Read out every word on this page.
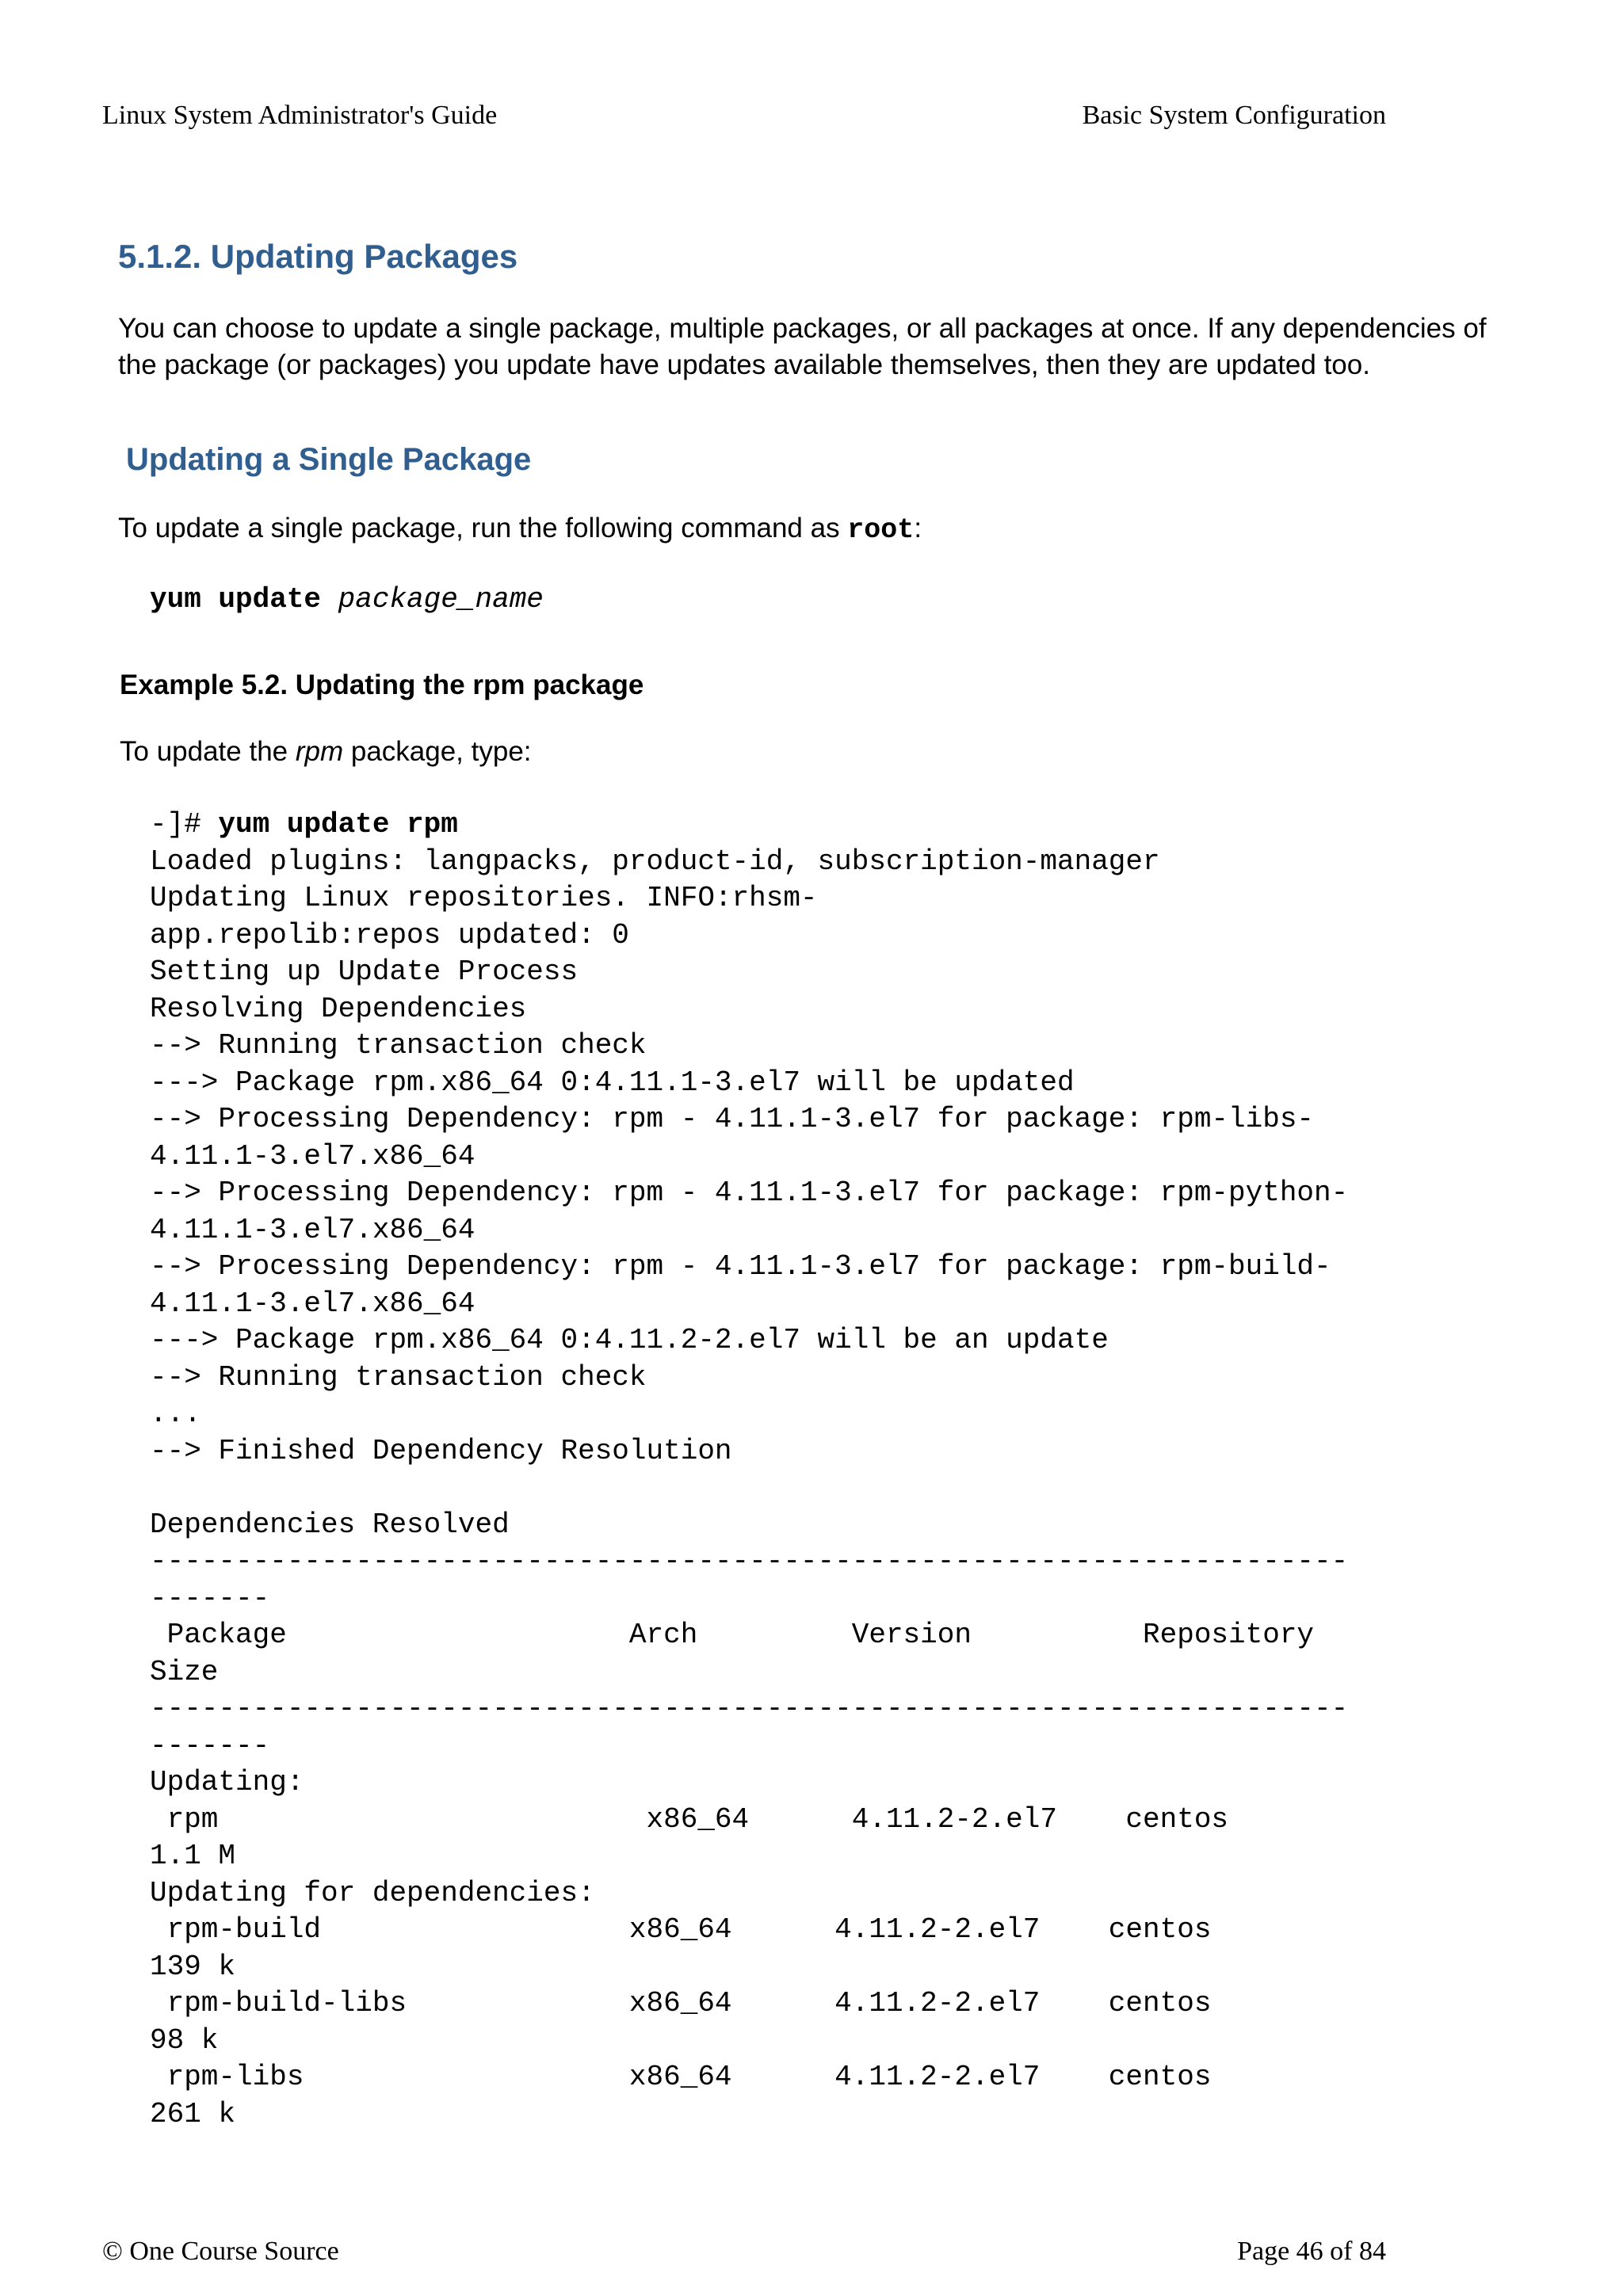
Linux System Administrator's Guide	Basic System Configuration
5.1.2. Updating Packages

You can choose to update a single package, multiple packages, or all packages at once. If any dependencies of the package (or packages) you update have updates available themselves, then they are updated too.

Updating a Single Package

To update a single package, run the following command as root:

yum update package_name
Example 5.2. Updating the rpm package

To update the rpm package, type:

-]# yum update rpm
Loaded plugins: langpacks, product-id, subscription-manager
Updating Linux repositories. INFO:rhsm-
app.repolib:repos updated: 0
Setting up Update Process
Resolving Dependencies
--> Running transaction check
---> Package rpm.x86_64 0:4.11.1-3.el7 will be updated
--> Processing Dependency: rpm - 4.11.1-3.el7 for package: rpm-libs-
4.11.1-3.el7.x86_64
--> Processing Dependency: rpm - 4.11.1-3.el7 for package: rpm-python-
4.11.1-3.el7.x86_64
--> Processing Dependency: rpm - 4.11.1-3.el7 for package: rpm-build-
4.11.1-3.el7.x86_64
---> Package rpm.x86_64 0:4.11.2-2.el7 will be an update
--> Running transaction check
...
--> Finished Dependency Resolution
Dependencies Resolved
----------------------------------------------------------------------
-------
Package                    Arch         Version          Repository
Size
----------------------------------------------------------------------
-------
Updating:
rpm                         x86_64      4.11.2-2.el7    centos
1.1 M
Updating for dependencies:
rpm-build                  x86_64      4.11.2-2.el7    centos
139 k
rpm-build-libs             x86_64      4.11.2-2.el7    centos
98 k
rpm-libs                   x86_64      4.11.2-2.el7    centos
261 k
© One Course Source	Page 46 of 84
